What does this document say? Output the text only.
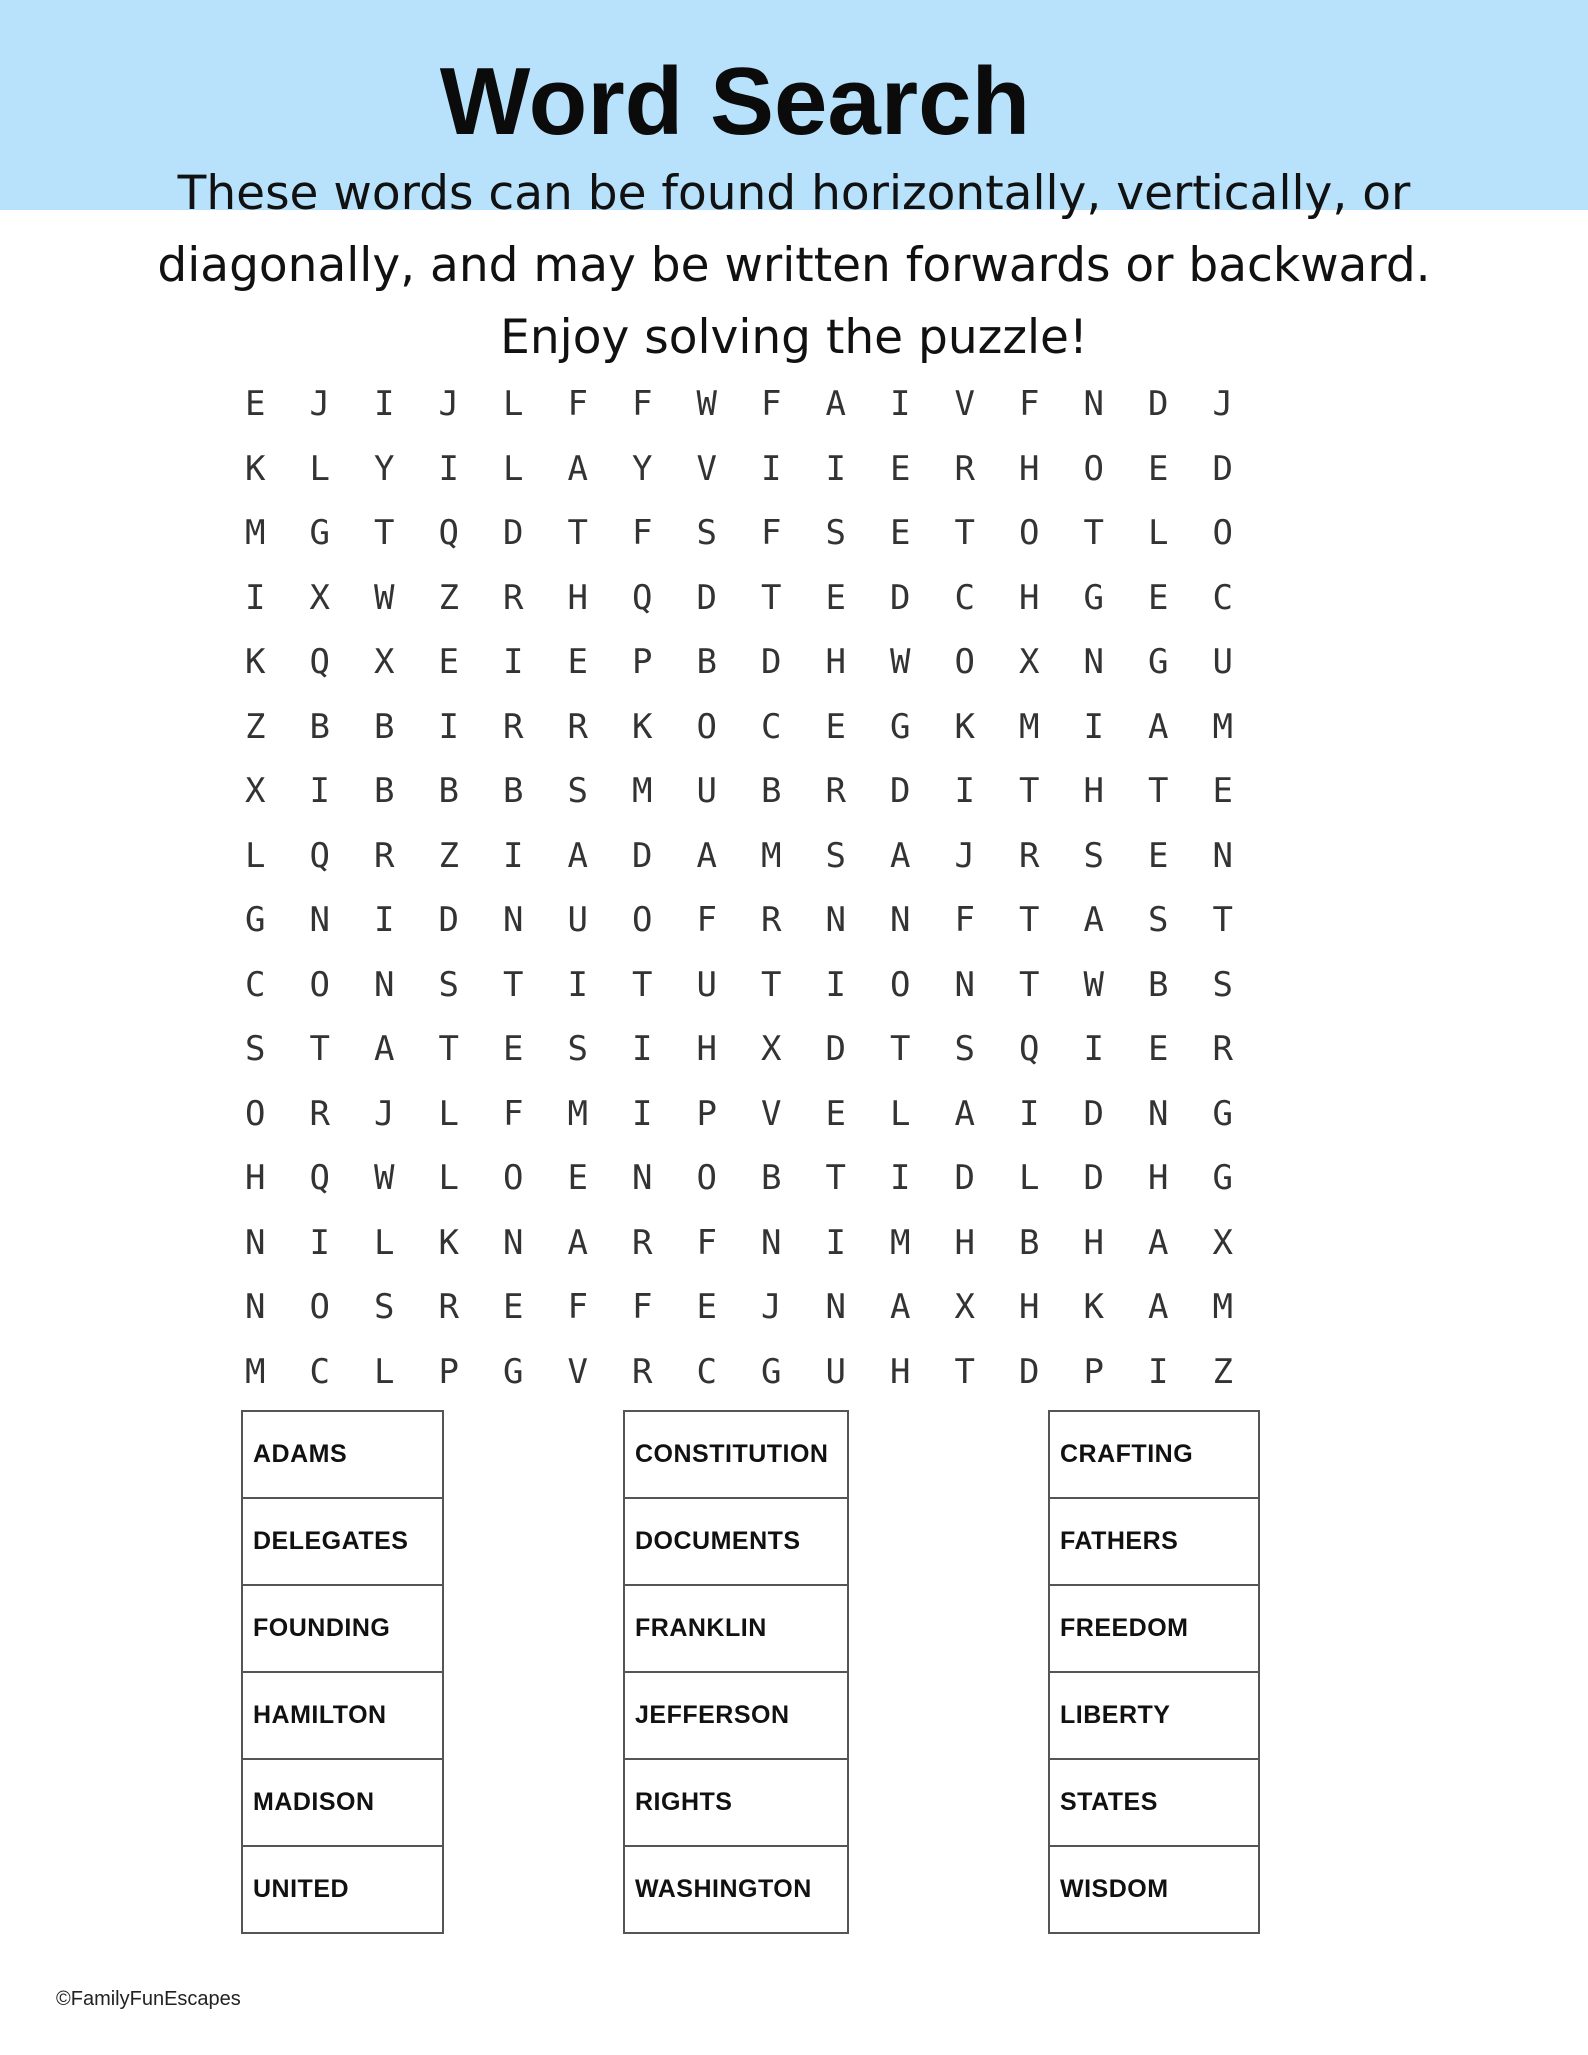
Word Search
These words can be found horizontally, vertically, or diagonally, and may be written forwards or backward. Enjoy solving the puzzle!
E	J	I	J	L	F	F	W	F	A	I	V	F	N	D	J
K	L	Y	I	L	A	Y	V	I	I	E	R	H	O	E	D
M	G	T	Q	D	T	F	S	F	S	E	T	O	T	L	O
I	X	W	Z	R	H	Q	D	T	E	D	C	H	G	E	C
K	Q	X	E	I	E	P	B	D	H	W	O	X	N	G	U
Z	B	B	I	R	R	K	O	C	E	G	K	M	I	A	M
X	I	B	B	B	S	M	U	B	R	D	I	T	H	T	E
L	Q	R	Z	I	A	D	A	M	S	A	J	R	S	E	N
G	N	I	D	N	U	O	F	R	N	N	F	T	A	S	T
C	O	N	S	T	I	T	U	T	I	O	N	T	W	B	S
S	T	A	T	E	S	I	H	X	D	T	S	Q	I	E	R
O	R	J	L	F	M	I	P	V	E	L	A	I	D	N	G
H	Q	W	L	O	E	N	O	B	T	I	D	L	D	H	G
N	I	L	K	N	A	R	F	N	I	M	H	B	H	A	X
N	O	S	R	E	F	F	E	J	N	A	X	H	K	A	M
M	C	L	P	G	V	R	C	G	U	H	T	D	P	I	Z
ADAMS
DELEGATES
FOUNDING
HAMILTON
MADISON
UNITED
CONSTITUTION
DOCUMENTS
FRANKLIN
JEFFERSON
RIGHTS
WASHINGTON
CRAFTING
FATHERS
FREEDOM
LIBERTY
STATES
WISDOM
©FamilyFunEscapes
